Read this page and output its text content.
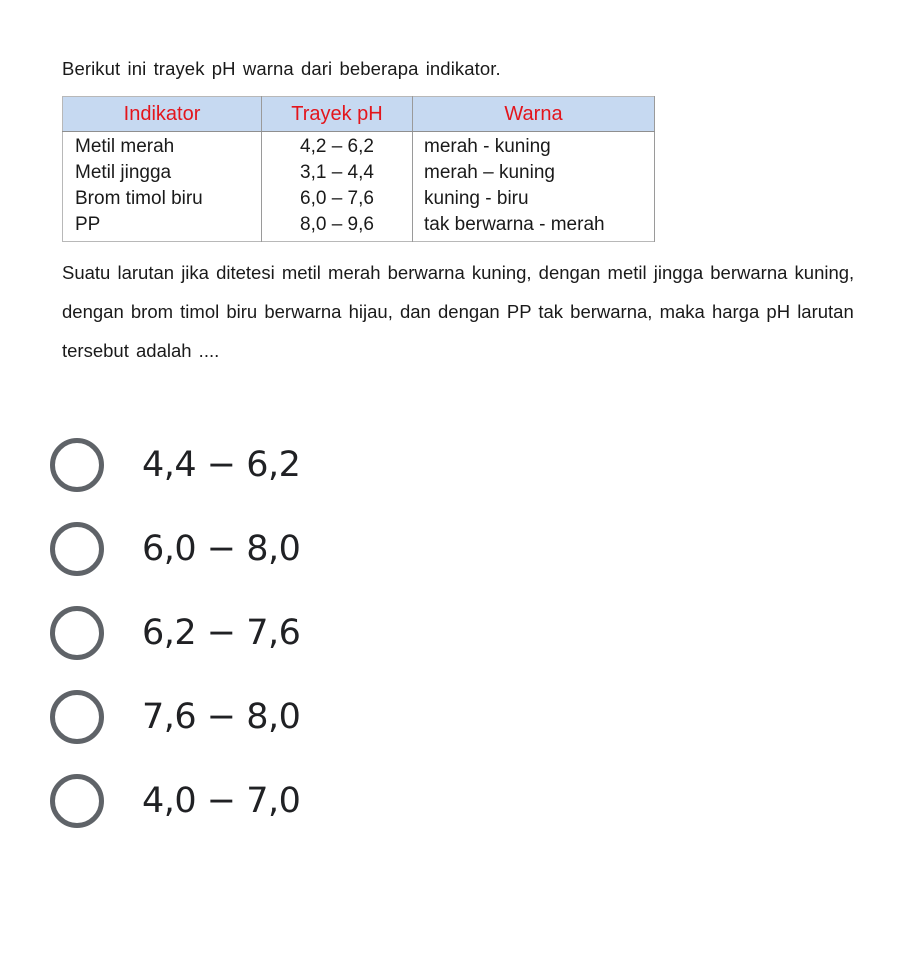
Berikut ini trayek pH warna dari beberapa indikator.
Indikator	Trayek pH	Warna
Metil merah	4,2 – 6,2	merah - kuning
Metil jingga	3,1 – 4,4	merah – kuning
Brom timol biru	6,0 – 7,6	kuning - biru
PP	8,0 – 9,6	tak berwarna - merah
Suatu larutan jika ditetesi metil merah berwarna kuning, dengan metil jingga berwarna kuning, dengan brom timol biru berwarna hijau, dan dengan PP tak berwarna, maka harga pH larutan tersebut adalah ....
4,4 − 6,2
6,0 − 8,0
6,2 − 7,6
7,6 − 8,0
4,0 − 7,0
